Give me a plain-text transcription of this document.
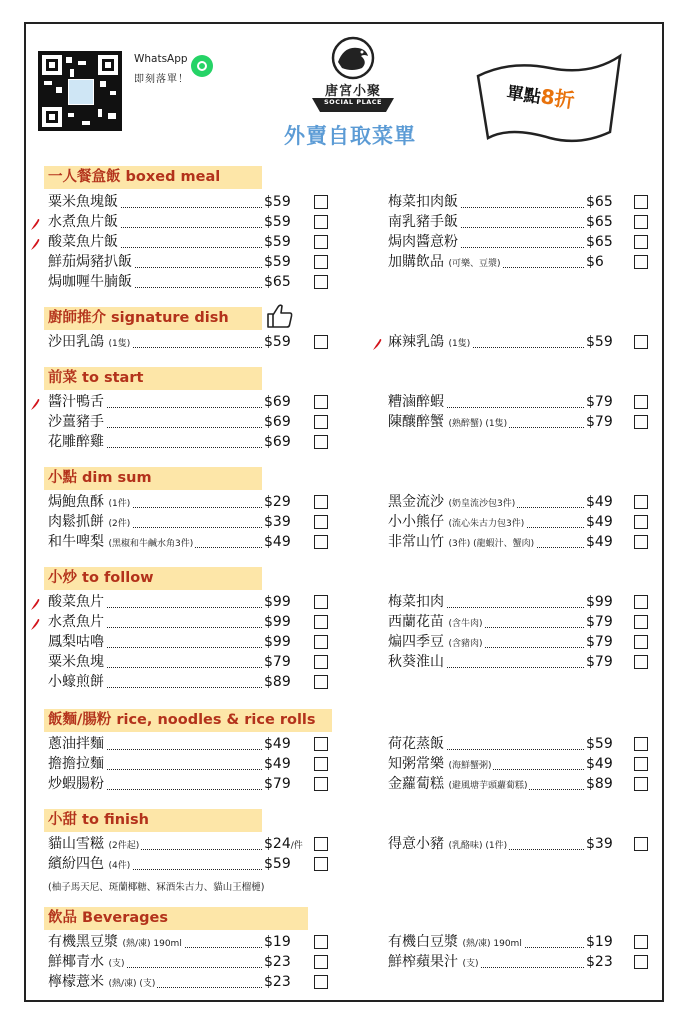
WhatsApp
即刻落單！
唐宮小聚
SOCIAL PLACE
外賣自取菜單
單點8折
一人餐盒飯 boxed meal
粟米魚塊飯	$59
水煮魚片飯	$59
酸菜魚片飯	$59
鮮茄焗豬扒飯	$59
焗咖喱牛腩飯	$65
梅菜扣肉飯	$65
南乳豬手飯	$65
焗肉醬意粉	$65
加購飲品 (可樂、豆漿)	$6
廚師推介 signature dish
沙田乳鴿 (1隻)	$59	麻辣乳鴿 (1隻)	$59
前菜 to start
醬汁鴨舌	$69
沙薑豬手	$69
花雕醉雞	$69
糟滷醉蝦	$79
陳釀醉蟹 (熟醉蟹) (1隻)	$79
小點 dim sum
焗鮑魚酥 (1件)	$29
肉鬆抓餅 (2件)	$39
和牛啤梨 (黑椒和牛鹹水角3件)	$49
黑金流沙 (奶皇流沙包3件)	$49
小小熊仔 (流心朱古力包3件)	$49
非常山竹 (3件) (龍蝦汁、蟹肉)	$49
小炒 to follow
酸菜魚片	$99
水煮魚片	$99
鳳梨咕嚕	$99
粟米魚塊	$79
小蠔煎餅	$89
梅菜扣肉	$99
西蘭花苗 (含牛肉)	$79
煸四季豆 (含豬肉)	$79
秋葵淮山	$79
飯麵/腸粉 rice, noodles & rice rolls
蔥油拌麵	$49
擔擔拉麵	$49
炒蝦腸粉	$79
荷花蒸飯	$59
知粥常樂 (海鮮蟹粥)	$49
金蘿蔔糕 (避風塘芋頭蘿蔔糕)	$89
小甜 to finish
貓山雪糍 (2件起)	$24/件
繽紛四色 (4件)	$59
得意小豬 (乳酪味) (1件)	$39
飲品 Beverages
有機黑豆漿 (熱/凍) 190ml	$19
鮮椰青水 (支)	$23
檸檬薏米 (熱/凍) (支)	$23
有機白豆漿 (熱/凍) 190ml	$19
鮮榨蘋果汁 (支)	$23
(柚子馬天尼、斑蘭椰糖、冧酒朱古力、貓山王榴槤)
